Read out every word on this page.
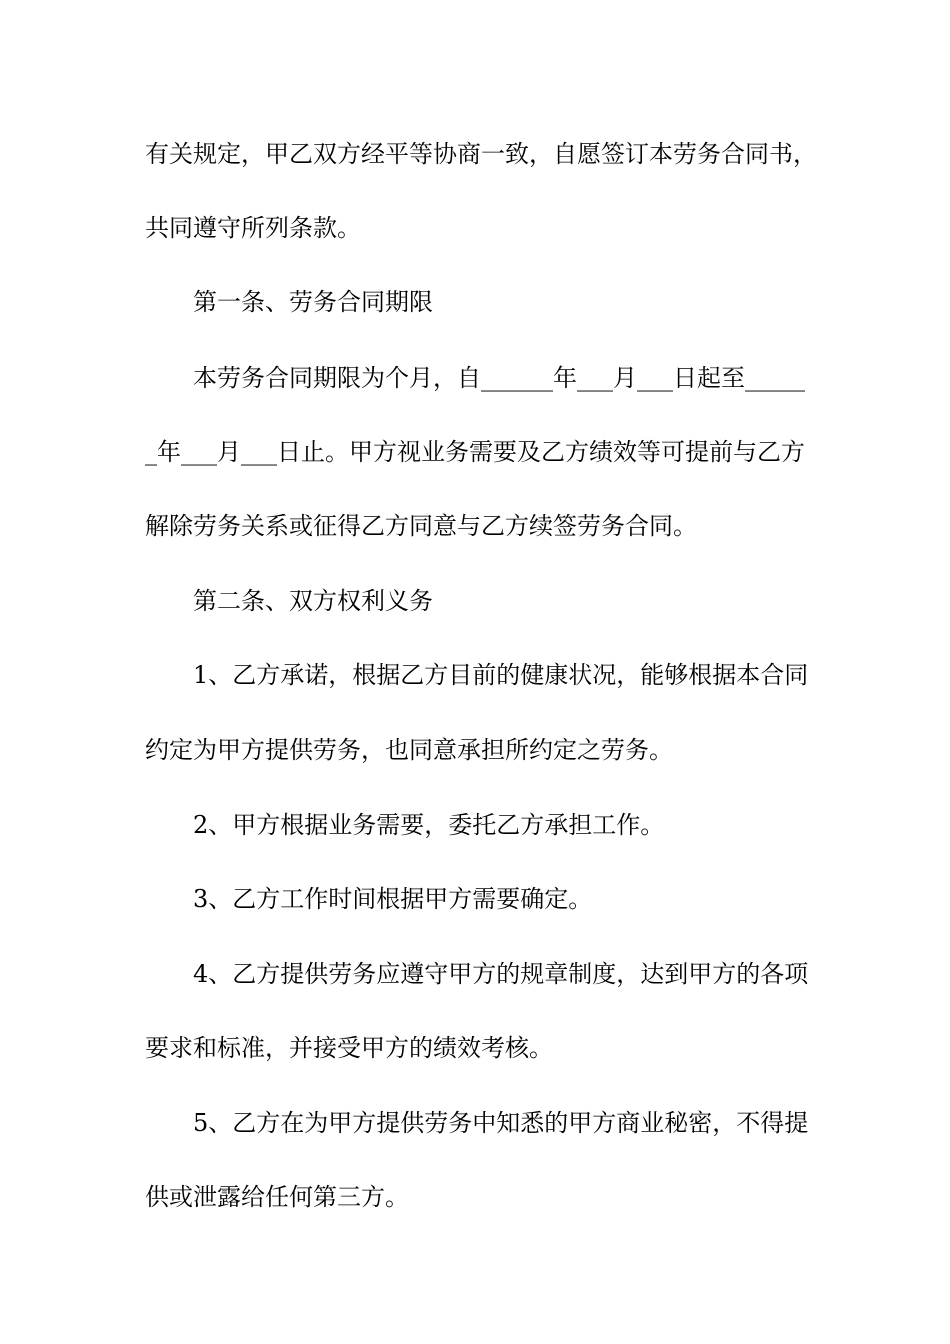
有关规定，甲乙双方经平等协商一致，自愿签订本劳务合同书，
共同遵守所列条款。
第一条、劳务合同期限
本劳务合同期限为个月，自______年___月___日起至_____
_年___月___日止。甲方视业务需要及乙方绩效等可提前与乙方
解除劳务关系或征得乙方同意与乙方续签劳务合同。
第二条、双方权利义务
1、乙方承诺，根据乙方目前的健康状况，能够根据本合同
约定为甲方提供劳务，也同意承担所约定之劳务。
2、甲方根据业务需要，委托乙方承担工作。
3、乙方工作时间根据甲方需要确定。
4、乙方提供劳务应遵守甲方的规章制度，达到甲方的各项
要求和标准，并接受甲方的绩效考核。
5、乙方在为甲方提供劳务中知悉的甲方商业秘密，不得提
供或泄露给任何第三方。
